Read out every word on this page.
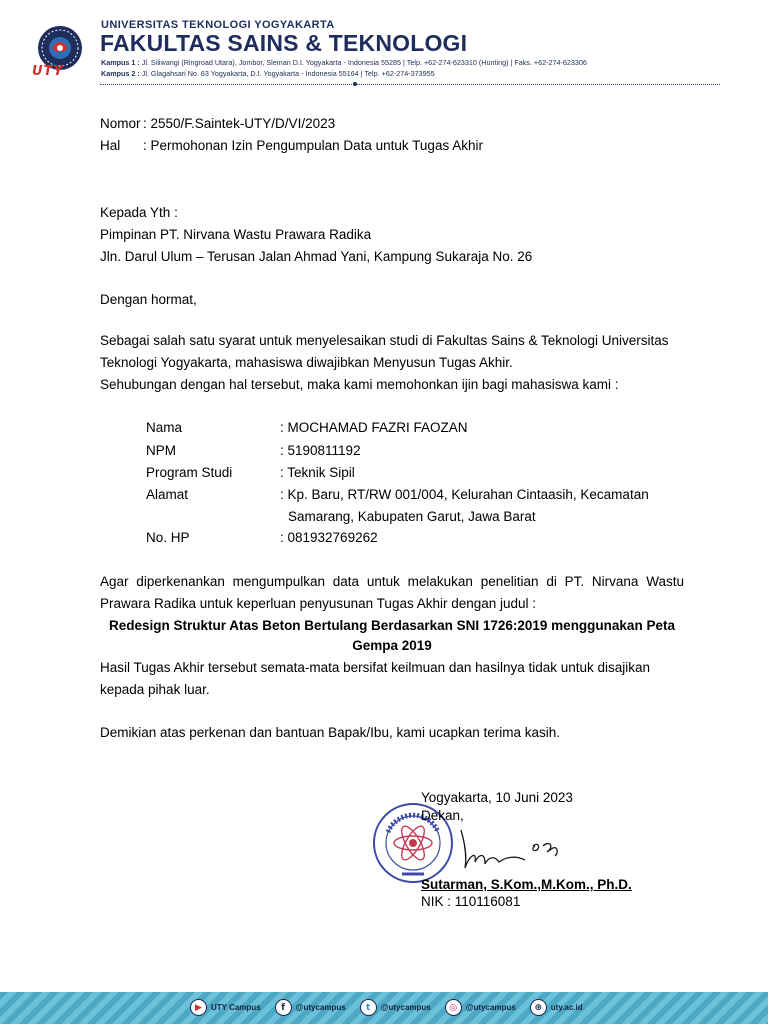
UTY
UNIVERSITAS TEKNOLOGI YOGYAKARTA
FAKULTAS SAINS & TEKNOLOGI
Kampus 1 : Jl. Siliwangi (Ringroad Utara), Jombor, Sleman D.I. Yogyakarta - Indonesia 55285 | Telp. +62-274-623310 (Hunting) | Faks. +62-274-623306
Kampus 2 : Jl. Glagahsari No. 63 Yogyakarta, D.I. Yogyakarta - Indonesia 55164 | Telp. +62-274-373955
Nomor : 2550/F.Saintek-UTY/D/VI/2023
Hal : Permohonan Izin Pengumpulan Data untuk Tugas Akhir
Kepada Yth :
Pimpinan PT. Nirvana Wastu Prawara Radika
Jln. Darul Ulum – Terusan Jalan Ahmad Yani, Kampung Sukaraja No. 26
Dengan hormat,
Sebagai salah satu syarat untuk menyelesaikan studi di Fakultas Sains & Teknologi Universitas
Teknologi Yogyakarta, mahasiswa diwajibkan Menyusun Tugas Akhir.
Sehubungan dengan hal tersebut, maka kami memohonkan ijin bagi mahasiswa kami :
Nama	: MOCHAMAD FAZRI FAOZAN
NPM	: 5190811192
Program Studi	: Teknik Sipil
Alamat	: Kp. Baru, RT/RW 001/004, Kelurahan Cintaasih, Kecamatan
Samarang, Kabupaten Garut, Jawa Barat
No. HP	: 081932769262
Agar diperkenankan mengumpulkan data untuk melakukan penelitian di PT. Nirvana Wastu
Prawara Radika untuk keperluan penyusunan Tugas Akhir dengan judul :
Redesign Struktur Atas Beton Bertulang Berdasarkan SNI 1726:2019 menggunakan Peta
Gempa 2019
Hasil Tugas Akhir tersebut semata-mata bersifat keilmuan dan hasilnya tidak untuk disajikan
kepada pihak luar.
Demikian atas perkenan dan bantuan Bapak/Ibu, kami ucapkan terima kasih.
Yogyakarta, 10 Juni 2023
Dekan,
Sutarman, S.Kom.,M.Kom., Ph.D.
NIK : 110116081
▶	UTY Campus	f	@utycampus	t	@utycampus	◎	@utycampus	⊕	uty.ac.id
